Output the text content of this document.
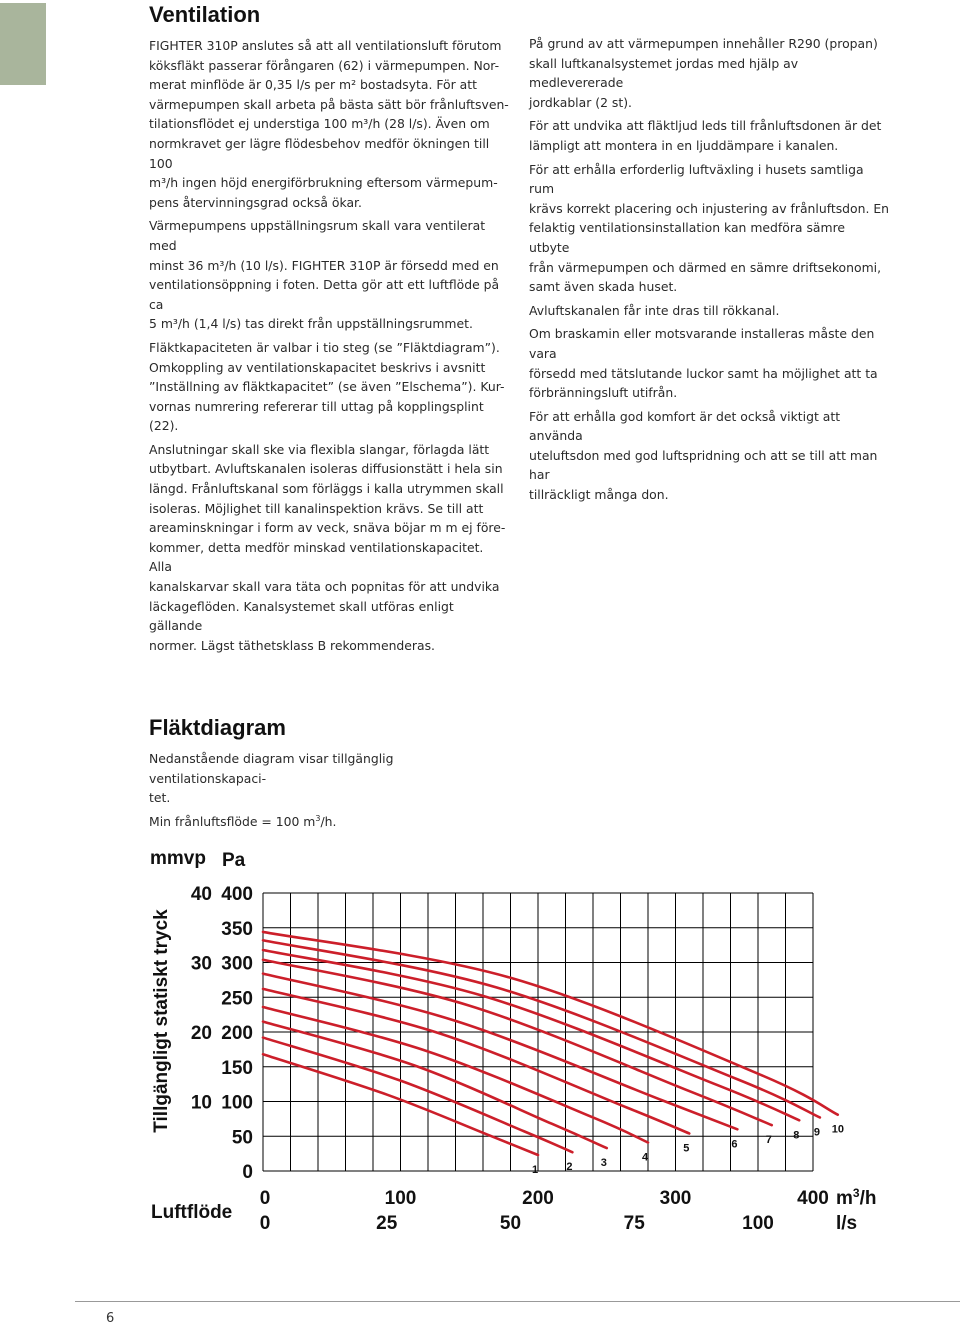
Ventilation

FIGHTER 310P anslutes så att all ventilationsluft förutom
köksfläkt passerar förångaren (62) i värmepumpen. Nor-
merat minflöde är 0,35 l/s per m² bostadsyta. För att
värmepumpen skall arbeta på bästa sätt bör frånluftsven-
tilationsflödet ej understiga 100 m³/h (28 l/s). Även om
normkravet ger lägre flödesbehov medför ökningen till 100
m³/h ingen höjd energiförbrukning eftersom värmepum-
pens återvinningsgrad också ökar.

Värmepumpens uppställningsrum skall vara ventilerat med
minst 36 m³/h (10 l/s). FIGHTER 310P är försedd med en
ventilationsöppning i foten. Detta gör att ett luftflöde på ca
5 m³/h (1,4 l/s) tas direkt från uppställningsrummet.

Fläktkapaciteten är valbar i tio steg (se ”Fläktdiagram”).
Omkoppling av ventilationskapacitet beskrivs i avsnitt
”Inställning av fläktkapacitet” (se även ”Elschema”). Kur-
vornas numrering refererar till uttag på kopplingsplint (22).

Anslutningar skall ske via flexibla slangar, förlagda lätt
utbytbart. Avluftskanalen isoleras diffusionstätt i hela sin
längd. Frånluftskanal som förläggs i kalla utrymmen skall
isoleras. Möjlighet till kanalinspektion krävs. Se till att
areaminskningar i form av veck, snäva böjar m m ej före-
kommer, detta medför minskad ventilationskapacitet. Alla
kanalskarvar skall vara täta och popnitas för att undvika
läckageflöden. Kanalsystemet skall utföras enligt gällande
normer. Lägst täthetsklass B rekommenderas.

På grund av att värmepumpen innehåller R290 (propan)
skall luftkanalsystemet jordas med hjälp av medlevererade
jordkablar (2 st).

För att undvika att fläktljud leds till frånluftsdonen är det
lämpligt att montera in en ljuddämpare i kanalen.

För att erhålla erforderlig luftväxling i husets samtliga rum
krävs korrekt placering och injustering av frånluftsdon. En
felaktig ventilationsinstallation kan medföra sämre utbyte
från värmepumpen och därmed en sämre driftsekonomi,
samt även skada huset.

Avluftskanalen får inte dras till rökkanal.

Om braskamin eller motsvarande installeras måste den vara
försedd med tätslutande luckor samt ha möjlighet att ta
förbränningsluft utifrån.

För att erhålla god komfort är det också viktigt att använda
uteluftsdon med god luftspridning och att se till att man har
tillräckligt många don.

Fläktdiagram

Nedanstående diagram visar tillgänglig ventilationskapaci-
tet.

Min frånluftsflöde = 100 $m^3/h$.

1	2	3	4
5	6	7 8 9 10
400
350
300
250
200
150
100
50
0
40
30
20
10
0	100	200	300	400
0	25	50	75	100
Tillgängligt statiskt tryck
mmvp Pa
Luftflöde
$m^3/h$
l/s
6
